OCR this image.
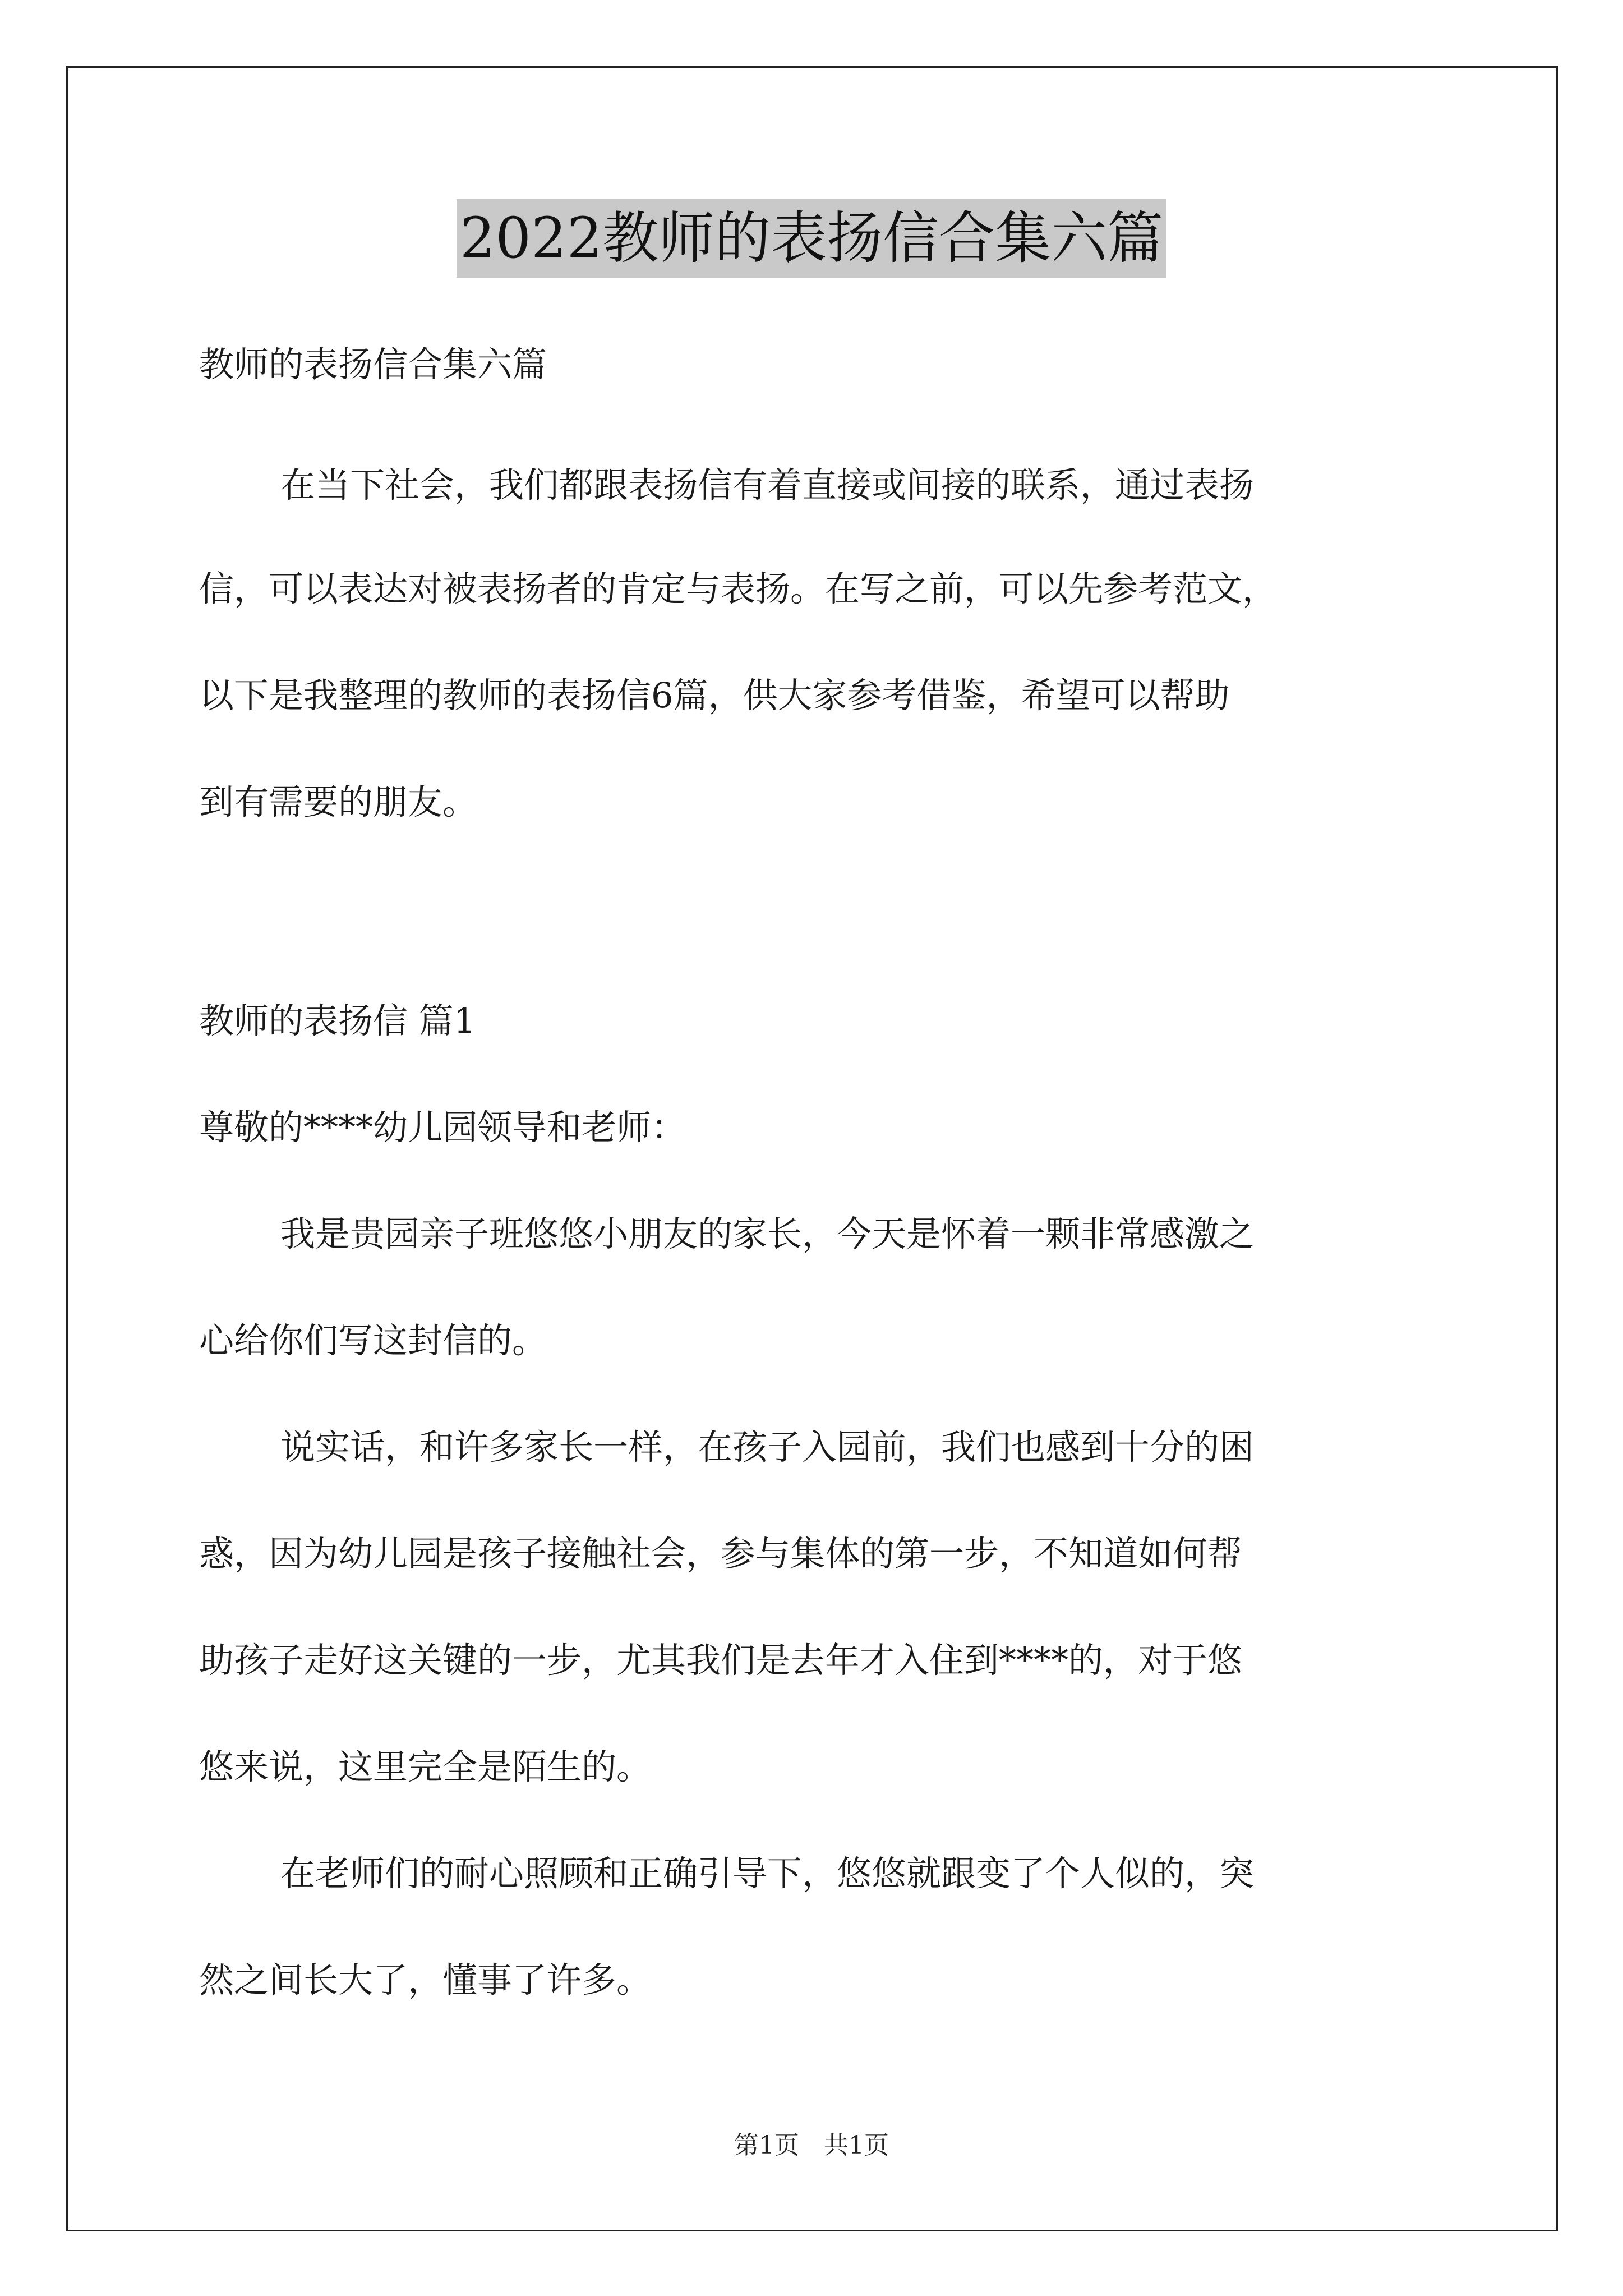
2022教师的表扬信合集六篇
教师的表扬信合集六篇
在当下社会，我们都跟表扬信有着直接或间接的联系，通过表扬
信，可以表达对被表扬者的肯定与表扬。在写之前，可以先参考范文，
以下是我整理的教师的表扬信6篇，供大家参考借鉴，希望可以帮助
到有需要的朋友。
教师的表扬信 篇1
尊敬的****幼儿园领导和老师：
我是贵园亲子班悠悠小朋友的家长，今天是怀着一颗非常感激之
心给你们写这封信的。
说实话，和许多家长一样，在孩子入园前，我们也感到十分的困
惑，因为幼儿园是孩子接触社会，参与集体的第一步，不知道如何帮
助孩子走好这关键的一步，尤其我们是去年才入住到****的，对于悠
悠来说，这里完全是陌生的。
在老师们的耐心照顾和正确引导下，悠悠就跟变了个人似的，突
然之间长大了，懂事了许多。
第1页　共1页
